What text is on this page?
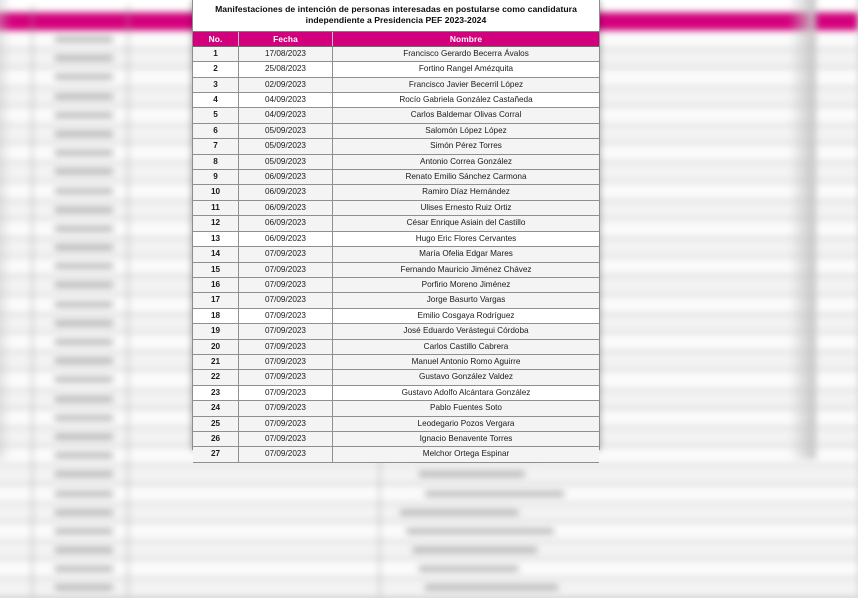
Manifestaciones de intención de personas interesadas en postularse como candidatura independiente a Presidencia PEF 2023-2024
No.	Fecha	Nombre
1	17/08/2023	Francisco Gerardo Becerra Ávalos
2	25/08/2023	Fortino Rangel Amézquita
3	02/09/2023	Francisco Javier Becerril López
4	04/09/2023	Rocío Gabriela González Castañeda
5	04/09/2023	Carlos Baldemar Olivas Corral
6	05/09/2023	Salomón López López
7	05/09/2023	Simón Pérez Torres
8	05/09/2023	Antonio Correa González
9	06/09/2023	Renato Emilio Sánchez Carmona
10	06/09/2023	Ramiro Díaz Hernández
11	06/09/2023	Ulises Ernesto Ruiz Ortiz
12	06/09/2023	César Enrique Asiain del Castillo
13	06/09/2023	Hugo Eric Flores Cervantes
14	07/09/2023	María Ofelia Edgar Mares
15	07/09/2023	Fernando Mauricio Jiménez Chávez
16	07/09/2023	Porfirio Moreno Jiménez
17	07/09/2023	Jorge Basurto Vargas
18	07/09/2023	Emilio Cosgaya Rodríguez
19	07/09/2023	José Eduardo Verástegui Córdoba
20	07/09/2023	Carlos Castillo Cabrera
21	07/09/2023	Manuel Antonio Romo Aguirre
22	07/09/2023	Gustavo González Valdez
23	07/09/2023	Gustavo Adolfo Alcántara González
24	07/09/2023	Pablo Fuentes Soto
25	07/09/2023	Leodegario Pozos Vergara
26	07/09/2023	Ignacio Benavente Torres
27	07/09/2023	Melchor Ortega Espinar
